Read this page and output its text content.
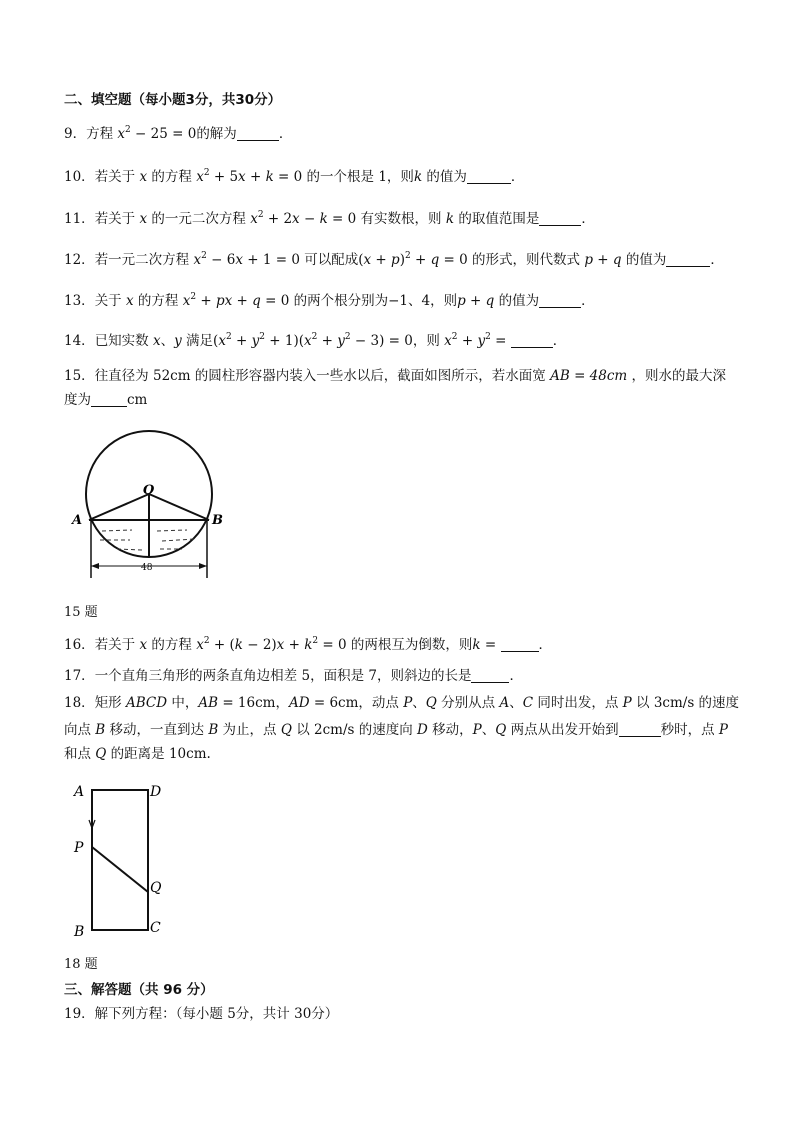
二、填空题（每小题3分，共30分）
9．方程 $x^2 - 25 = 0$的解为	．
10．若关于 x 的方程 $x^2 + 5x + k = 0$ 的一个根是 1，则k 的值为	．
11．若关于 x 的一元二次方程 $x^2 + 2x - k = 0$ 有实数根，则 k 的取值范围是	．
12．若一元二次方程 $x^2 - 6x + 1 = 0$ 可以配成$(x + p)^2 + q = 0$ 的形式，则代数式 p + q 的值为	．
13．关于 x 的方程 $x^2$ + px + q = 0 的两个根分别为−1、4，则p + q 的值为	．
14．已知实数 x、y 满足$(x^2 + y^2 + 1)(x^2 + y^2 - 3) = 0$，则 $x^2 + y^2$ =	．
15．往直径为 52cm 的圆柱形容器内装入一些水以后，截面如图所示，若水面宽 AB = 48cm ，则水的最大深
度为	cm
O
A	B
48
15 题
16．若关于 x 的方程 $x^2 + (k - 2)x + k^2 = 0$ 的两根互为倒数，则k =	．
17．一个直角三角形的两条直角边相差 5，面积是 7，则斜边的长是	．
18．矩形 ABCD 中，AB = 16cm，AD = 6cm，动点 P、Q 分别从点 A、C 同时出发，点 P 以 3cm/s 的速度
向点 B 移动，一直到达 B 为止，点 Q 以 2cm/s 的速度向 D 移动，P、Q 两点从出发开始到	秒时，点 P
和点 Q 的距离是 10cm.
A	D
P
Q
B	C
18 题
三、解答题（共 96 分）
19．解下列方程：（每小题 5分，共计 30分）
